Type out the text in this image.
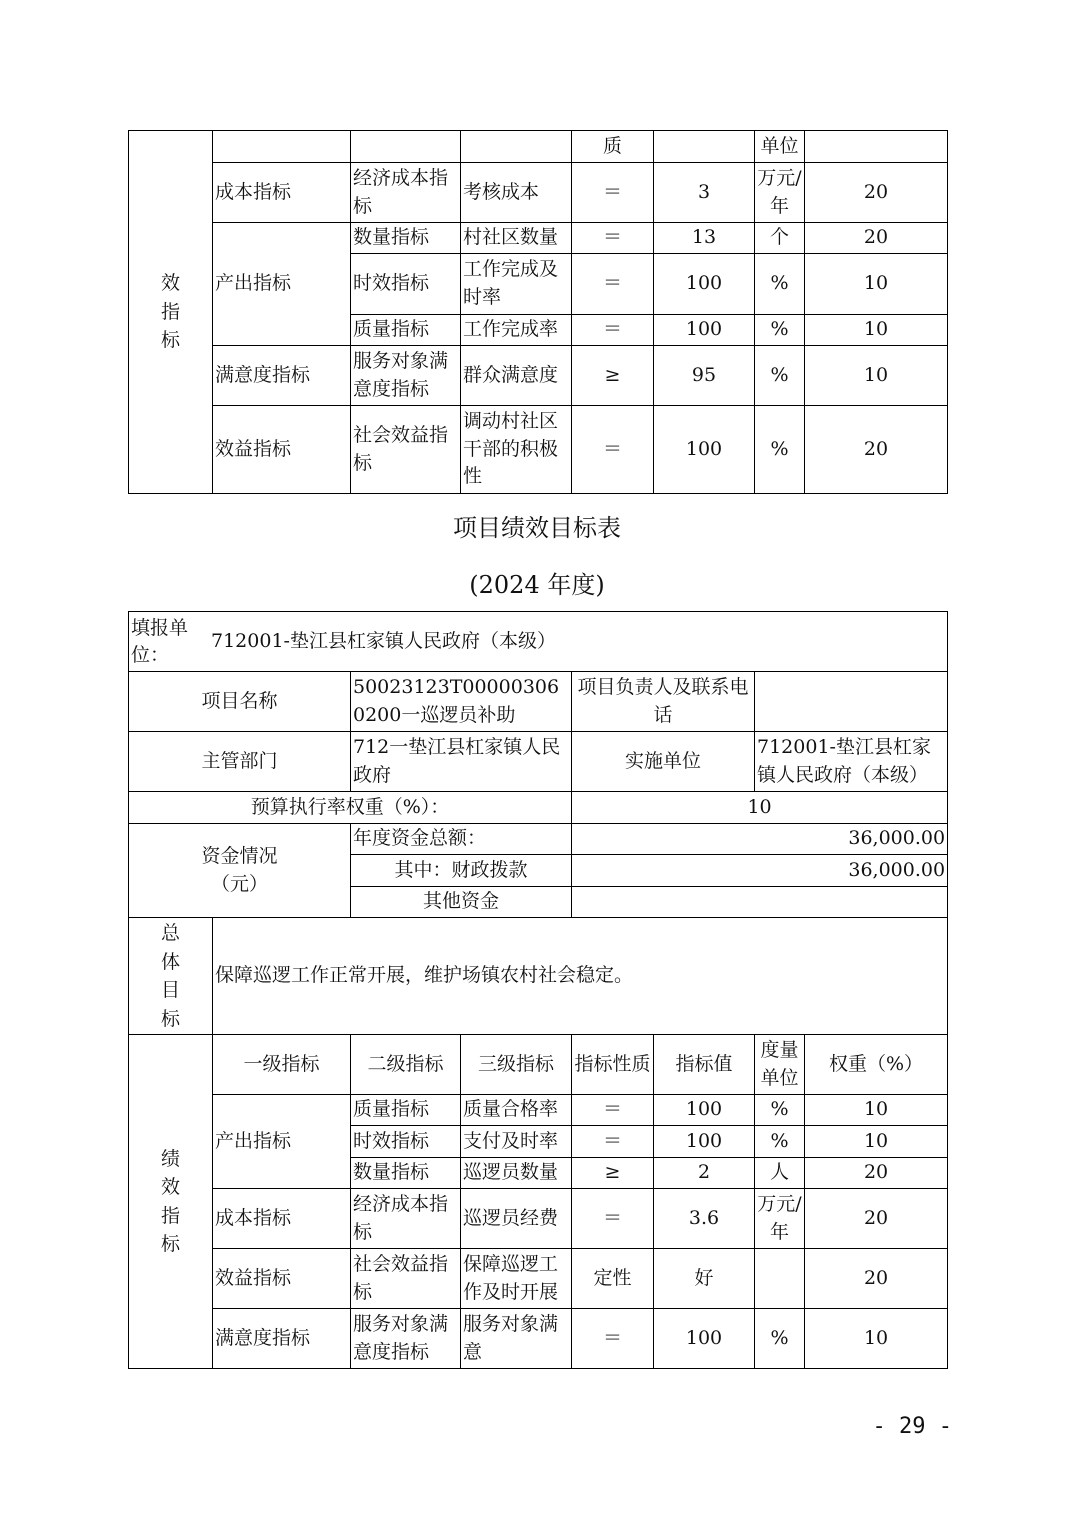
效
指
标				质		单位	
	成本指标	经济成本指标	考核成本	＝	3	万元/年	20
	产出指标	数量指标	村社区数量	＝	13	个	20
		时效指标	工作完成及时率	＝	100	%	10
		质量指标	工作完成率	＝	100	%	10
	满意度指标	服务对象满意度指标	群众满意度	≥	95	%	10
	效益指标	社会效益指标	调动村社区干部的积极性	＝	100	%	20
项目绩效目标表
(2024 年度)
填报单位：
712001-垫江县杠家镇人民政府（本级）							

项目名称		50023123T000003060200一巡逻员补助		项目负责人及联系电话			
主管部门		712一垫江县杠家镇人民政府		实施单位		712001-垫江县杠家镇人民政府（本级）	
预算执行率权重（%）：				10			

资金情况
（元）		年度资金总额：		36,000.00			
		其中：财政拨款		36,000.00			
		其他资金					

总
体
目
标	保障巡逻工作正常开展，维护场镇农村社会稳定。						

绩
效
指
标	一级指标	二级指标	三级指标	指标性质	指标值	度量单位	权重（%）
	产出指标	质量指标	质量合格率	＝	100	%	10
		时效指标	支付及时率	＝	100	%	10
		数量指标	巡逻员数量	≥	2	人	20
	成本指标	经济成本指标	巡逻员经费	＝	3.6	万元/年	20
	效益指标	社会效益指标	保障巡逻工作及时开展	定性	好		20
	满意度指标	服务对象满意度指标	服务对象满意	＝	100	%	10
- 29 -
